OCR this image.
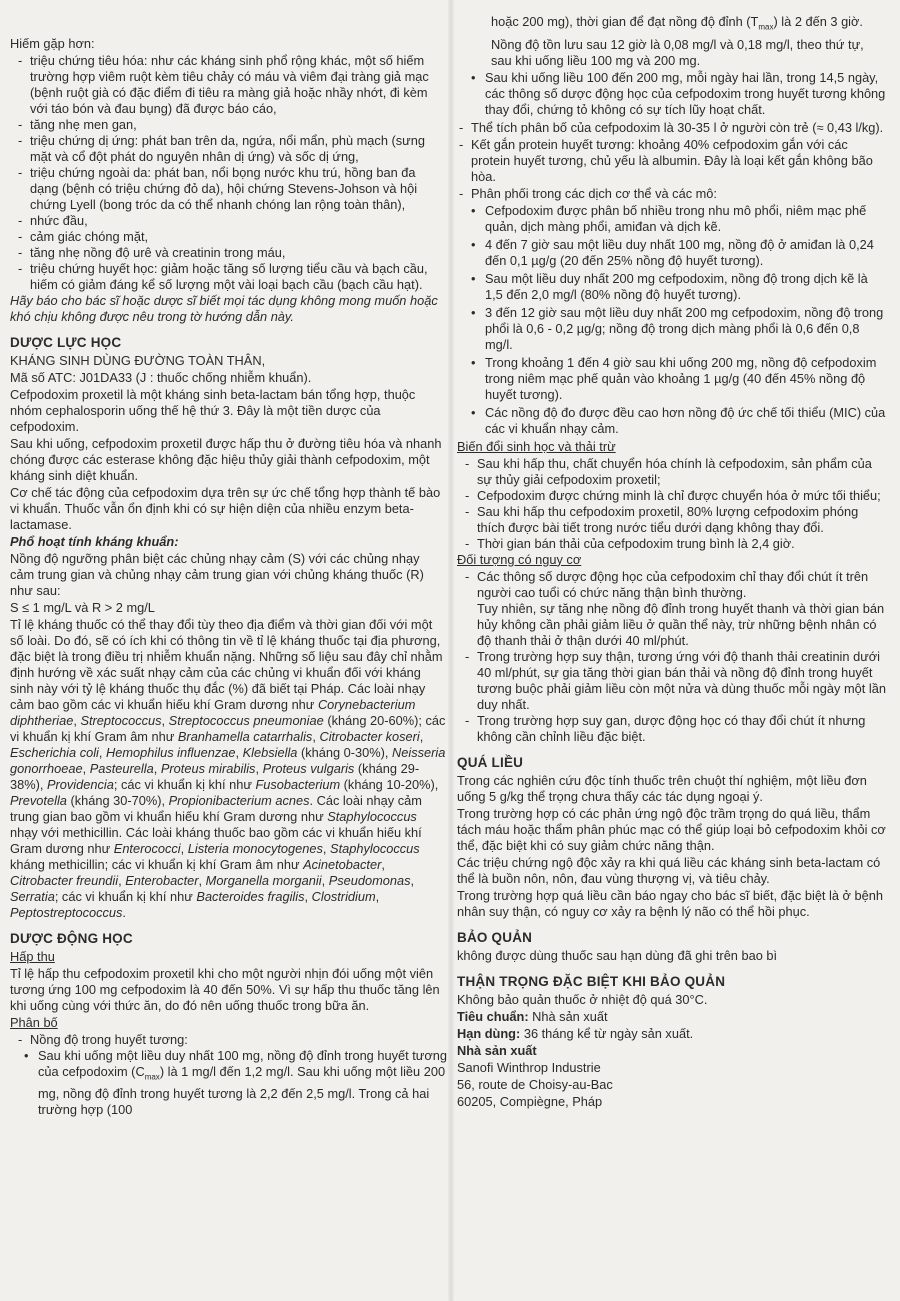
Hiếm gặp hơn:

- triệu chứng tiêu hóa: như các kháng sinh phổ rộng khác, một số hiếm trường hợp viêm ruột kèm tiêu chảy có máu và viêm đại tràng giả mạc (bệnh ruột già có đặc điểm đi tiêu ra màng giả hoặc nhầy nhớt, đi kèm với táo bón và đau bụng) đã được báo cáo,
- tăng nhẹ men gan,
- triệu chứng dị ứng: phát ban trên da, ngứa, nổi mẩn, phù mạch (sưng mặt và cổ đột phát do nguyên nhân dị ứng) và sốc dị ứng,
- triệu chứng ngoài da: phát ban, nổi bọng nước khu trú, hồng ban đa dạng (bệnh có triệu chứng đỏ da), hội chứng Stevens-Johson và hội chứng Lyell (bong tróc da có thể nhanh chóng lan rộng toàn thân),
- nhức đầu,
- cảm giác chóng mặt,
- tăng nhẹ nồng độ urê và creatinin trong máu,
- triệu chứng huyết học: giảm hoặc tăng số lượng tiểu cầu và bạch cầu, hiếm có giảm đáng kể số lượng một vài loại bạch cầu (bạch cầu hạt).

Hãy báo cho bác sĩ hoặc dược sĩ biết mọi tác dụng không mong muốn hoặc khó chịu không được nêu trong tờ hướng dẫn này.

DƯỢC LỰC HỌC

KHÁNG SINH DÙNG ĐƯỜNG TOÀN THÂN,

Mã số ATC: J01DA33 (J : thuốc chống nhiễm khuẩn).

Cefpodoxim proxetil là một kháng sinh beta-lactam bán tổng hợp, thuộc nhóm cephalosporin uống thế hệ thứ 3. Đây là một tiền dược của cefpodoxim.

Sau khi uống, cefpodoxim proxetil được hấp thu ở đường tiêu hóa và nhanh chóng được các esterase không đặc hiệu thủy giải thành cefpodoxim, một kháng sinh diệt khuẩn.

Cơ chế tác động của cefpodoxim dựa trên sự ức chế tổng hợp thành tế bào vi khuẩn. Thuốc vẫn ổn định khi có sự hiện diện của nhiều enzym beta-lactamase.

Phổ hoạt tính kháng khuẩn:

Nồng độ ngưỡng phân biệt các chủng nhạy cảm (S) với các chủng nhạy cảm trung gian và chủng nhạy cảm trung gian với chủng kháng thuốc (R) như sau:

S ≤ 1 mg/L và R > 2 mg/L

Tỉ lệ kháng thuốc có thể thay đổi tùy theo địa điểm và thời gian đối với một số loài. Do đó, sẽ có ích khi có thông tin về tỉ lệ kháng thuốc tại địa phương, đặc biệt là trong điều trị nhiễm khuẩn nặng. Những số liệu sau đây chỉ nhằm định hướng về xác suất nhạy cảm của các chủng vi khuẩn đối với kháng sinh này với tỷ lệ kháng thuốc thụ đắc (%) đã biết tại Pháp. Các loài nhạy cảm bao gồm các vi khuẩn hiếu khí Gram dương như Corynebacterium diphtheriae, Streptococcus, Streptococcus pneumoniae (kháng 20-60%); các vi khuẩn kị khí Gram âm như Branhamella catarrhalis, Citrobacter koseri, Escherichia coli, Hemophilus influenzae, Klebsiella (kháng 0-30%), Neisseria gonorrhoeae, Pasteurella, Proteus mirabilis, Proteus vulgaris (kháng 29-38%), Providencia; các vi khuẩn kị khí như Fusobacterium (kháng 10-20%), Prevotella (kháng 30-70%), Propionibacterium acnes. Các loài nhạy cảm trung gian bao gồm vi khuẩn hiếu khí Gram dương như Staphylococcus nhạy với methicillin. Các loài kháng thuốc bao gồm các vi khuẩn hiếu khí Gram dương như Enterococci, Listeria monocytogenes, Staphylococcus kháng methicillin; các vi khuẩn kị khí Gram âm như Acinetobacter, Citrobacter freundii, Enterobacter, Morganella morganii, Pseudomonas, Serratia; các vi khuẩn kị khí như Bacteroides fragilis, Clostridium, Peptostreptococcus.

DƯỢC ĐỘNG HỌC

Hấp thu

Tỉ lệ hấp thu cefpodoxim proxetil khi cho một người nhịn đói uống một viên tương ứng 100 mg cefpodoxim là 40 đến 50%. Vì sự hấp thu thuốc tăng lên khi uống cùng với thức ăn, do đó nên uống thuốc trong bữa ăn.

Phân bố

- Nồng độ trong huyết tương:
• Sau khi uống một liều duy nhất 100 mg, nồng độ đỉnh trong huyết tương của cefpodoxim $(C_{max})$ là 1 mg/l đến 1,2 mg/l. Sau khi uống một liều 200 mg, nồng độ đỉnh trong huyết tương là 2,2 đến 2,5 mg/l. Trong cả hai trường hợp (100

hoặc 200 mg), thời gian để đạt nồng độ đỉnh $(T_{max})$ là 2 đến 3 giờ.

Nồng độ tồn lưu sau 12 giờ là 0,08 mg/l và 0,18 mg/l, theo thứ tự, sau khi uống liều 100 mg và 200 mg.

• Sau khi uống liều 100 đến 200 mg, mỗi ngày hai lần, trong 14,5 ngày, các thông số dược động học của cefpodoxim trong huyết tương không thay đổi, chứng tỏ không có sự tích lũy hoạt chất.

- Thể tích phân bố của cefpodoxim là 30-35 l ở người còn trẻ (≈ 0,43 l/kg).

- Kết gắn protein huyết tương: khoảng 40% cefpodoxim gắn với các protein huyết tương, chủ yếu là albumin. Đây là loại kết gắn không bão hòa.

- Phân phối trong các dịch cơ thể và các mô:

• Cefpodoxim được phân bố nhiều trong nhu mô phổi, niêm mạc phế quản, dịch màng phổi, amiđan và dịch kẽ.
• 4 đến 7 giờ sau một liều duy nhất 100 mg, nồng độ ở amiđan là 0,24 đến 0,1 µg/g (20 đến 25% nồng độ huyết tương).
• Sau một liều duy nhất 200 mg cefpodoxim, nồng độ trong dịch kẽ là 1,5 đến 2,0 mg/l (80% nồng độ huyết tương).
• 3 đến 12 giờ sau một liều duy nhất 200 mg cefpodoxim, nồng độ trong phổi là 0,6 - 0,2 µg/g; nồng độ trong dịch màng phổi là 0,6 đến 0,8 mg/l.
• Trong khoảng 1 đến 4 giờ sau khi uống 200 mg, nồng độ cefpodoxim trong niêm mạc phế quản vào khoảng 1 µg/g (40 đến 45% nồng độ huyết tương).
• Các nồng độ đo được đều cao hơn nồng độ ức chế tối thiểu (MIC) của các vi khuẩn nhạy cảm.

Biến đổi sinh học và thải trừ

- Sau khi hấp thu, chất chuyển hóa chính là cefpodoxim, sản phẩm của sự thủy giải cefpodoxim proxetil;
- Cefpodoxim được chứng minh là chỉ được chuyển hóa ở mức tối thiểu;
- Sau khi hấp thu cefpodoxim proxetil, 80% lượng cefpodoxim phóng thích được bài tiết trong nước tiểu dưới dạng không thay đổi.
- Thời gian bán thải của cefpodoxim trung bình là 2,4 giờ.

Đối tượng có nguy cơ

- Các thông số dược động học của cefpodoxim chỉ thay đổi chút ít trên người cao tuổi có chức năng thận bình thường.
Tuy nhiên, sự tăng nhẹ nồng độ đỉnh trong huyết thanh và thời gian bán hủy không cần phải giảm liều ở quần thể này, trừ những bệnh nhân có độ thanh thải ở thận dưới 40 ml/phút.
- Trong trường hợp suy thận, tương ứng với độ thanh thải creatinin dưới 40 ml/phút, sự gia tăng thời gian bán thải và nồng độ đỉnh trong huyết tương buộc phải giảm liều còn một nửa và dùng thuốc mỗi ngày một lần duy nhất.
- Trong trường hợp suy gan, dược động học có thay đổi chút ít nhưng không cần chỉnh liều đặc biệt.
QUÁ LIỀU

Trong các nghiên cứu độc tính thuốc trên chuột thí nghiệm, một liều đơn uống 5 g/kg thể trọng chưa thấy các tác dụng ngoại ý.

Trong trường hợp có các phản ứng ngộ độc trầm trọng do quá liều, thẩm tách máu hoặc thẩm phân phúc mạc có thể giúp loại bỏ cefpodoxim khỏi cơ thể, đặc biệt khi có suy giảm chức năng thận.

Các triệu chứng ngộ độc xảy ra khi quá liều các kháng sinh beta-lactam có thể là buồn nôn, nôn, đau vùng thượng vị, và tiêu chảy.

Trong trường hợp quá liều cần báo ngay cho bác sĩ biết, đặc biệt là ở bệnh nhân suy thận, có nguy cơ xảy ra bệnh lý não có thể hồi phục.

BẢO QUẢN

không được dùng thuốc sau hạn dùng đã ghi trên bao bì

THẬN TRỌNG ĐẶC BIỆT KHI BẢO QUẢN

Không bảo quản thuốc ở nhiệt độ quá 30°C.

Tiêu chuẩn: Nhà sản xuất

Hạn dùng: 36 tháng kể từ ngày sản xuất.

Nhà sản xuất

Sanofi Winthrop Industrie

56, route de Choisy-au-Bac

60205, Compiègne, Pháp
